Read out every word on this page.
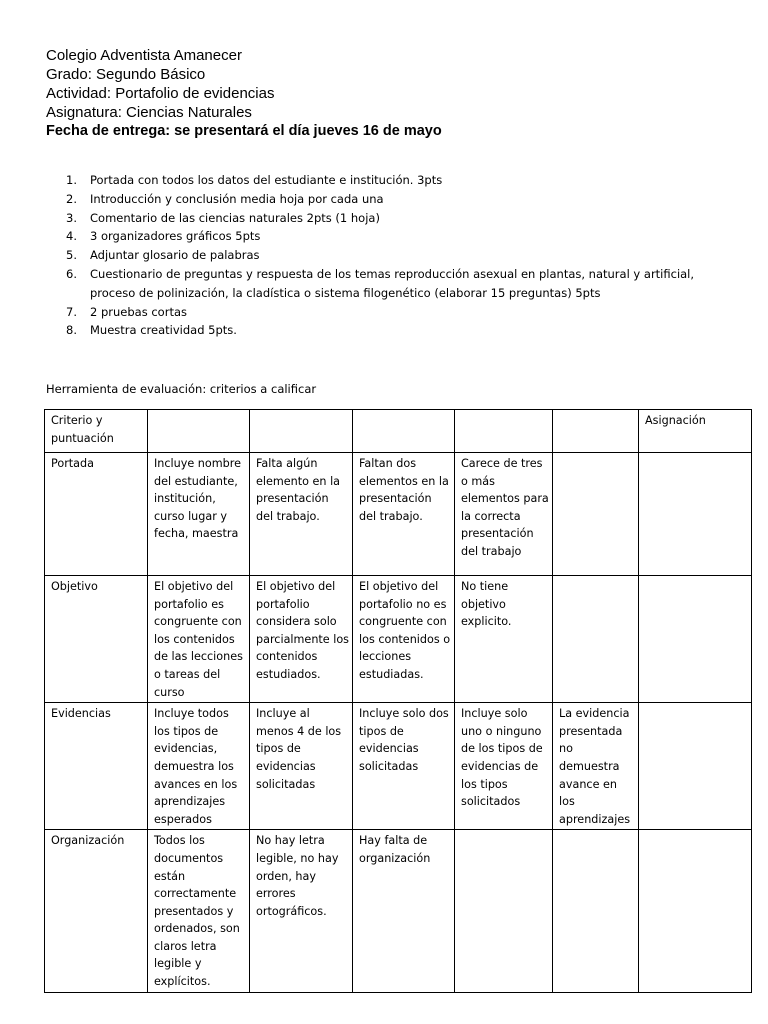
Colegio Adventista Amanecer
Grado: Segundo Básico
Actividad: Portafolio de evidencias
Asignatura: Ciencias Naturales
Fecha de entrega: se presentará el día jueves 16 de mayo
1.	Portada con todos los datos del estudiante e institución. 3pts
2.	Introducción y conclusión media hoja por cada una
3.	Comentario de las ciencias naturales 2pts (1 hoja)
4.	3 organizadores gráficos 5pts
5.	Adjuntar glosario de palabras
6.	Cuestionario de preguntas y respuesta de los temas reproducción asexual en plantas, natural y artificial, proceso de polinización, la cladística o sistema filogenético (elaborar 15 preguntas) 5pts
7.	2 pruebas cortas
8.	Muestra creatividad 5pts.
Herramienta de evaluación: criterios a calificar
Criterio y puntuación						Asignación
Portada	Incluye nombre del estudiante, institución, curso lugar y fecha, maestra	Falta algún elemento en la presentación del trabajo.	Faltan dos elementos en la presentación del trabajo.	Carece de tres o más elementos para la correcta presentación del trabajo		
Objetivo	El objetivo del portafolio es congruente con los contenidos de las lecciones o tareas del curso	El objetivo del portafolio considera solo parcialmente los contenidos estudiados.	El objetivo del portafolio no es congruente con los contenidos o lecciones estudiadas.	No tiene objetivo explicito.		
Evidencias	Incluye todos los tipos de evidencias, demuestra los avances en los aprendizajes esperados	Incluye al menos 4 de los tipos de evidencias solicitadas	Incluye solo dos tipos de evidencias solicitadas	Incluye solo uno o ninguno de los tipos de evidencias de los tipos solicitados	La evidencia presentada no demuestra avance en los aprendizajes	
Organización	Todos los documentos están correctamente presentados y ordenados, son claros letra legible y explícitos.	No hay letra legible, no hay orden, hay errores ortográficos.	Hay falta de organización			
